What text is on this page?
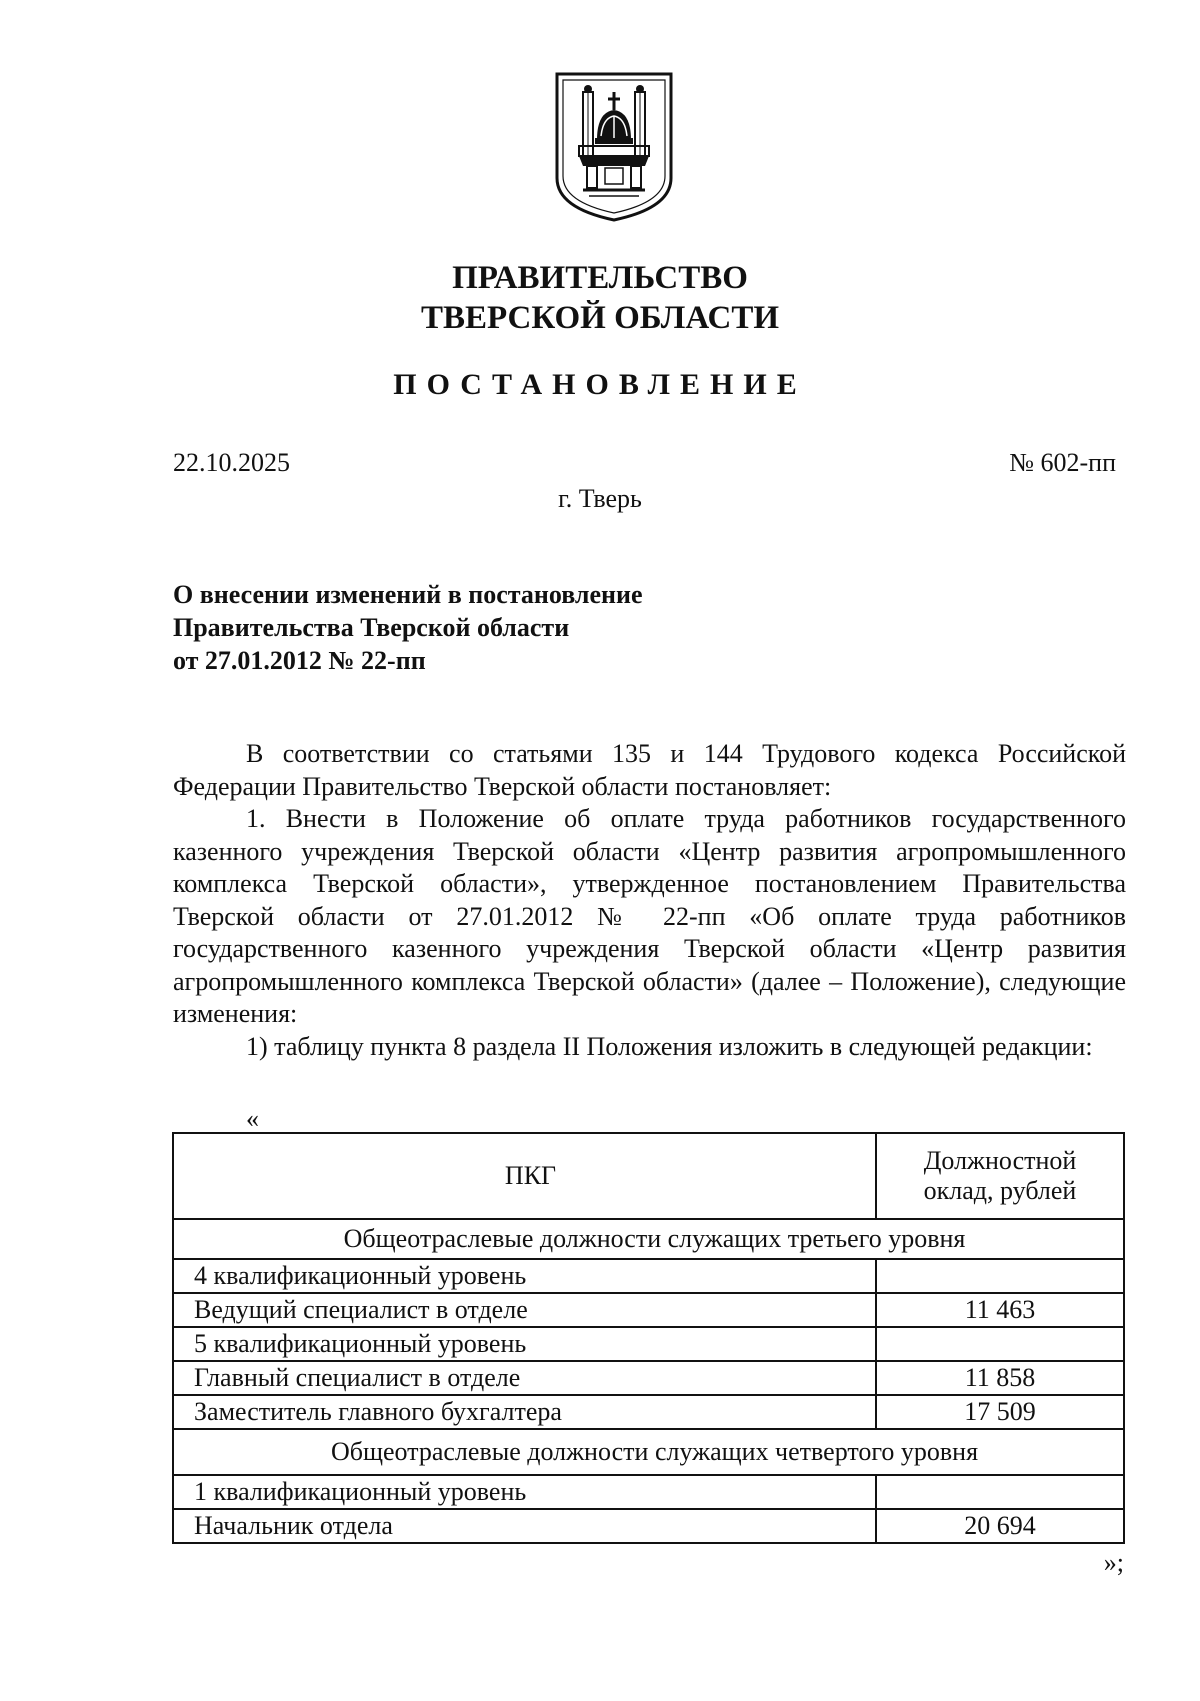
ПРАВИТЕЛЬСТВО
ТВЕРСКОЙ ОБЛАСТИ
ПОСТАНОВЛЕНИЕ
22.10.2025	№ 602-пп
г. Тверь
О внесении изменений в постановление
Правительства Тверской области
от 27.01.2012 № 22-пп

В соответствии со статьями 135 и 144 Трудового кодекса Российской Федерации Правительство Тверской области постановляет:

1. Внести в Положение об оплате труда работников государственного казенного учреждения Тверской области «Центр развития агропромышленного комплекса Тверской области», утвержденное постановлением Правительства Тверской области от 27.01.2012 № 22-пп «Об оплате труда работников государственного казенного учреждения Тверской области «Центр развития агропромышленного комплекса Тверской области» (далее – Положение), следующие изменения:

1) таблицу пункта 8 раздела II Положения изложить в следующей редакции:

«
ПКГ	Должностной
оклад, рублей

Общеотраслевые должности служащих третьего уровня	
4 квалификационный уровень	
Ведущий специалист в отделе	11 463
5 квалификационный уровень	
Главный специалист в отделе	11 858
Заместитель главного бухгалтера	17 509
Общеотраслевые должности служащих четвертого уровня	
1 квалификационный уровень	
Начальник отдела	20 694
»;
